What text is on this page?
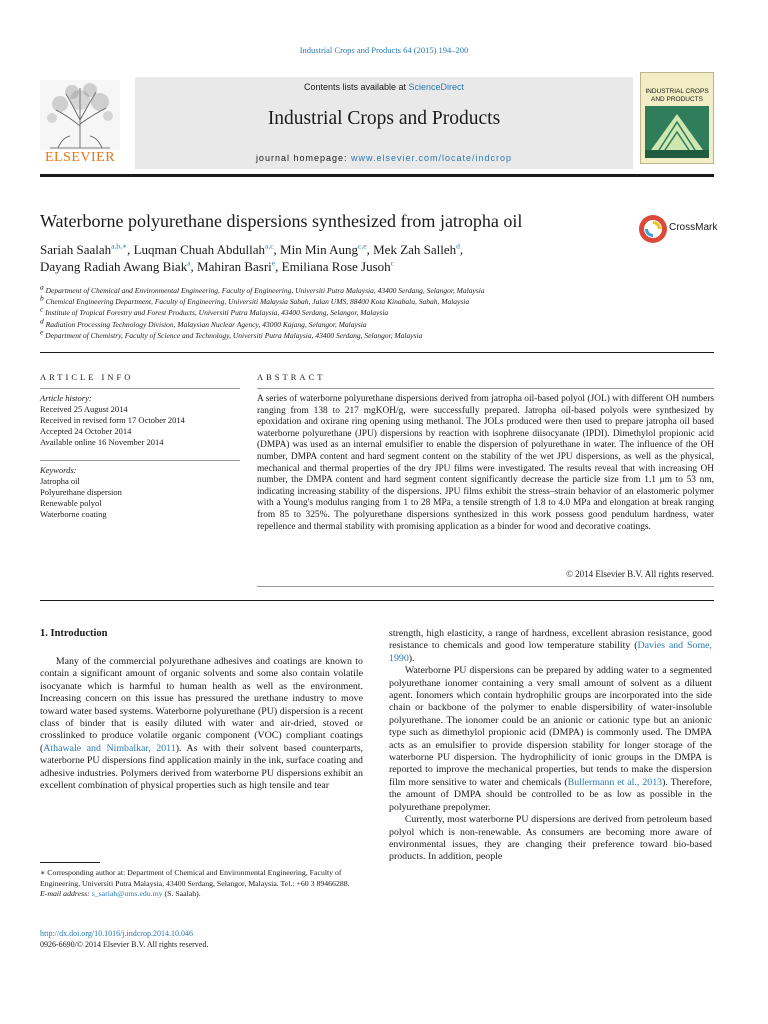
Industrial Crops and Products 64 (2015) 194–200
Contents lists available at ScienceDirect
Industrial Crops and Products
journal homepage: www.elsevier.com/locate/indcrop
ELSEVIER
INDUSTRIAL CROPS AND PRODUCTS
Waterborne polyurethane dispersions synthesized from jatropha oil	CrossMark
Sariah Saalah$^{a,b,∗}$, Luqman Chuah Abdullah$^{a,c}$, Min Min Aung$^{c,e}$, Mek Zah Salleh$^d$,
Dayang Radiah Awang Biak$^a$, Mahiran Basri$^e$, Emiliana Rose Jusoh$^c$
$^a$ Department of Chemical and Environmental Engineering, Faculty of Engineering, Universiti Putra Malaysia, 43400 Serdang, Selangor, Malaysia
$^b$ Chemical Engineering Department, Faculty of Engineering, Universiti Malaysia Sabah, Jalan UMS, 88400 Kota Kinabalu, Sabah, Malaysia
$^c$ Institute of Tropical Forestry and Forest Products, Universiti Putra Malaysia, 43400 Serdang, Selangor, Malaysia
$^d$ Radiation Processing Technology Division, Malaysian Nuclear Agency, 43000 Kajang, Selangor, Malaysia
$^e$ Department of Chemistry, Faculty of Science and Technology, Universiti Putra Malaysia, 43400 Serdang, Selangor, Malaysia
ARTICLE INFO
Article history:
Received 25 August 2014
Received in revised form 17 October 2014
Accepted 24 October 2014
Available online 16 November 2014
Keywords:
Jatropha oil
Polyurethane dispersion
Renewable polyol
Waterborne coating
ABSTRACT
A series of waterborne polyurethane dispersions derived from jatropha oil-based polyol (JOL) with different OH numbers ranging from 138 to 217 mgKOH/g, were successfully prepared. Jatropha oil-based polyols were synthesized by epoxidation and oxirane ring opening using methanol. The JOLs produced were then used to prepare jatropha oil based waterborne polyurethane (JPU) dispersions by reaction with isophrene diisocyanate (IPDI). Dimethylol propionic acid (DMPA) was used as an internal emulsifier to enable the dispersion of polyurethane in water. The influence of the OH number, DMPA content and hard segment content on the stability of the wet JPU dispersions, as well as the physical, mechanical and thermal properties of the dry JPU films were investigated. The results reveal that with increasing OH number, the DMPA content and hard segment content significantly decrease the particle size from 1.1 μm to 53 nm, indicating increasing stability of the dispersions. JPU films exhibit the stress–strain behavior of an elastomeric polymer with a Young's modulus ranging from 1 to 28 MPa, a tensile strength of 1.8 to 4.0 MPa and elongation at break ranging from 85 to 325%. The polyurethane dispersions synthesized in this work possess good pendulum hardness, water repellence and thermal stability with promising application as a binder for wood and decorative coatings.
© 2014 Elsevier B.V. All rights reserved.
1. Introduction

Many of the commercial polyurethane adhesives and coatings are known to contain a significant amount of organic solvents and some also contain volatile isocyanate which is harmful to human health as well as the environment. Increasing concern on this issue has pressured the urethane industry to move toward water based systems. Waterborne polyurethane (PU) dispersion is a recent class of binder that is easily diluted with water and air-dried, stoved or crosslinked to produce volatile organic component (VOC) compliant coatings (Athawale and Nimbalkar, 2011). As with their solvent based counterparts, waterborne PU dispersions find application mainly in the ink, surface coating and adhesive industries. Polymers derived from waterborne PU dispersions exhibit an excellent combination of physical properties such as high tensile and tear

strength, high elasticity, a range of hardness, excellent abrasion resistance, good resistance to chemicals and good low temperature stability (Davies and Some, 1990).

Waterborne PU dispersions can be prepared by adding water to a segmented polyurethane ionomer containing a very small amount of solvent as a diluent agent. Ionomers which contain hydrophilic groups are incorporated into the side chain or backbone of the polymer to enable dispersibility of water-insoluble polyurethane. The ionomer could be an anionic or cationic type but an anionic type such as dimethylol propionic acid (DMPA) is commonly used. The DMPA acts as an emulsifier to provide dispersion stability for longer storage of the waterborne PU dispersion. The hydrophilicity of ionic groups in the DMPA is reported to improve the mechanical properties, but tends to make the dispersion film more sensitive to water and chemicals (Bullermann et al., 2013). Therefore, the amount of DMPA should be controlled to be as low as possible in the polyurethane prepolymer.

Currently, most waterborne PU dispersions are derived from petroleum based polyol which is non-renewable. As consumers are becoming more aware of environmental issues, they are changing their preference toward bio-based products. In addition, people

∗ Corresponding author at: Department of Chemical and Environmental Engineering, Faculty of Engineering, Universiti Putra Malaysia, 43400 Serdang, Selangor, Malaysia. Tel.: +60 3 89466288.
E-mail address: s_sariah@ums.edu.my (S. Saalah).
http://dx.doi.org/10.1016/j.indcrop.2014.10.046
0926-6690/© 2014 Elsevier B.V. All rights reserved.
